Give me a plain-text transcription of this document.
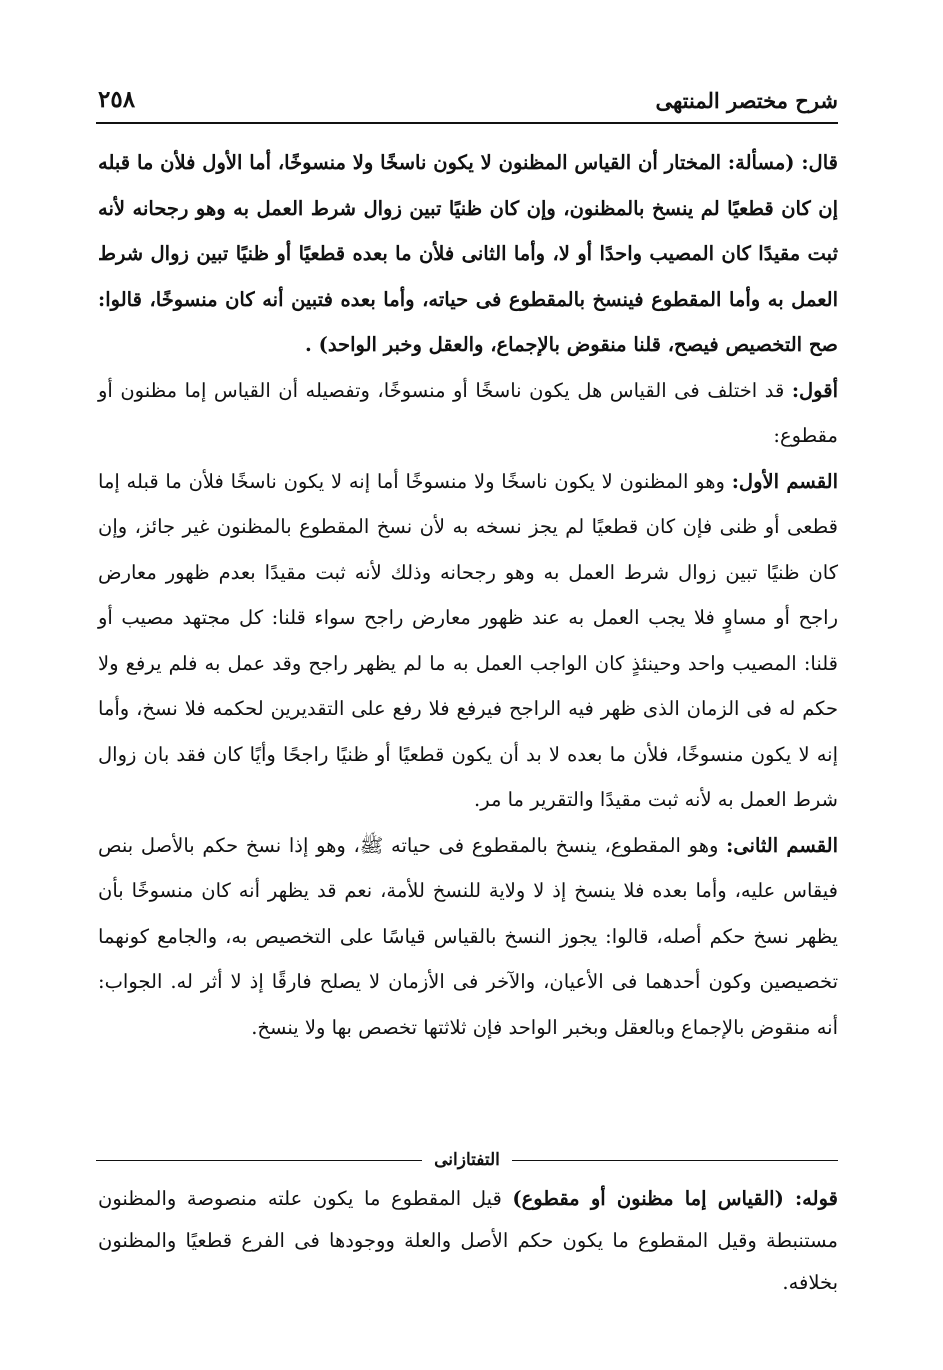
شرح مختصر المنتهى
٢٥٨

قال: (مسألة: المختار أن القياس المظنون لا يكون ناسخًا ولا منسوخًا، أما الأول فلأن ما قبله إن كان قطعيًا لم ينسخ بالمظنون، وإن كان ظنيًا تبين زوال شرط العمل به وهو رجحانه لأنه ثبت مقيدًا كان المصيب واحدًا أو لا، وأما الثانى فلأن ما بعده قطعيًا أو ظنيًا تبين زوال شرط العمل به وأما المقطوع فينسخ بالمقطوع فى حياته، وأما بعده فتبين أنه كان منسوخًا، قالوا: صح التخصيص فيصح، قلنا منقوض بالإجماع، والعقل وخبر الواحد) .

أقول: قد اختلف فى القياس هل يكون ناسخًا أو منسوخًا، وتفصيله أن القياس إما مظنون أو مقطوع:

القسم الأول: وهو المظنون لا يكون ناسخًا ولا منسوخًا أما إنه لا يكون ناسخًا فلأن ما قبله إما قطعى أو ظنى فإن كان قطعيًا لم يجز نسخه به لأن نسخ المقطوع بالمظنون غير جائز، وإن كان ظنيًا تبين زوال شرط العمل به وهو رجحانه وذلك لأنه ثبت مقيدًا بعدم ظهور معارض راجح أو مساوٍ فلا يجب العمل به عند ظهور معارض راجح سواء قلنا: كل مجتهد مصيب أو قلنا: المصيب واحد وحينئذٍ كان الواجب العمل به ما لم يظهر راجح وقد عمل به فلم يرفع ولا حكم له فى الزمان الذى ظهر فيه الراجح فيرفع فلا رفع على التقديرين لحكمه فلا نسخ، وأما إنه لا يكون منسوخًا، فلأن ما بعده لا بد أن يكون قطعيًا أو ظنيًا راجحًا وأيًا كان فقد بان زوال شرط العمل به لأنه ثبت مقيدًا والتقرير ما مر.

القسم الثانى: وهو المقطوع، ينسخ بالمقطوع فى حياته ﷺ، وهو إذا نسخ حكم بالأصل بنص فيقاس عليه، وأما بعده فلا ينسخ إذ لا ولاية للنسخ للأمة، نعم قد يظهر أنه كان منسوخًا بأن يظهر نسخ حكم أصله، قالوا: يجوز النسخ بالقياس قياسًا على التخصيص به، والجامع كونهما تخصيصين وكون أحدهما فى الأعيان، والآخر فى الأزمان لا يصلح فارقًا إذ لا أثر له. الجواب: أنه منقوض بالإجماع وبالعقل وبخبر الواحد فإن ثلاثتها تخصص بها ولا ينسخ.

التفتازانى

قوله: (القياس إما مظنون أو مقطوع) قيل المقطوع ما يكون علته منصوصة والمظنون مستنبطة وقيل المقطوع ما يكون حكم الأصل والعلة ووجودها فى الفرع قطعيًا والمظنون بخلافه.
